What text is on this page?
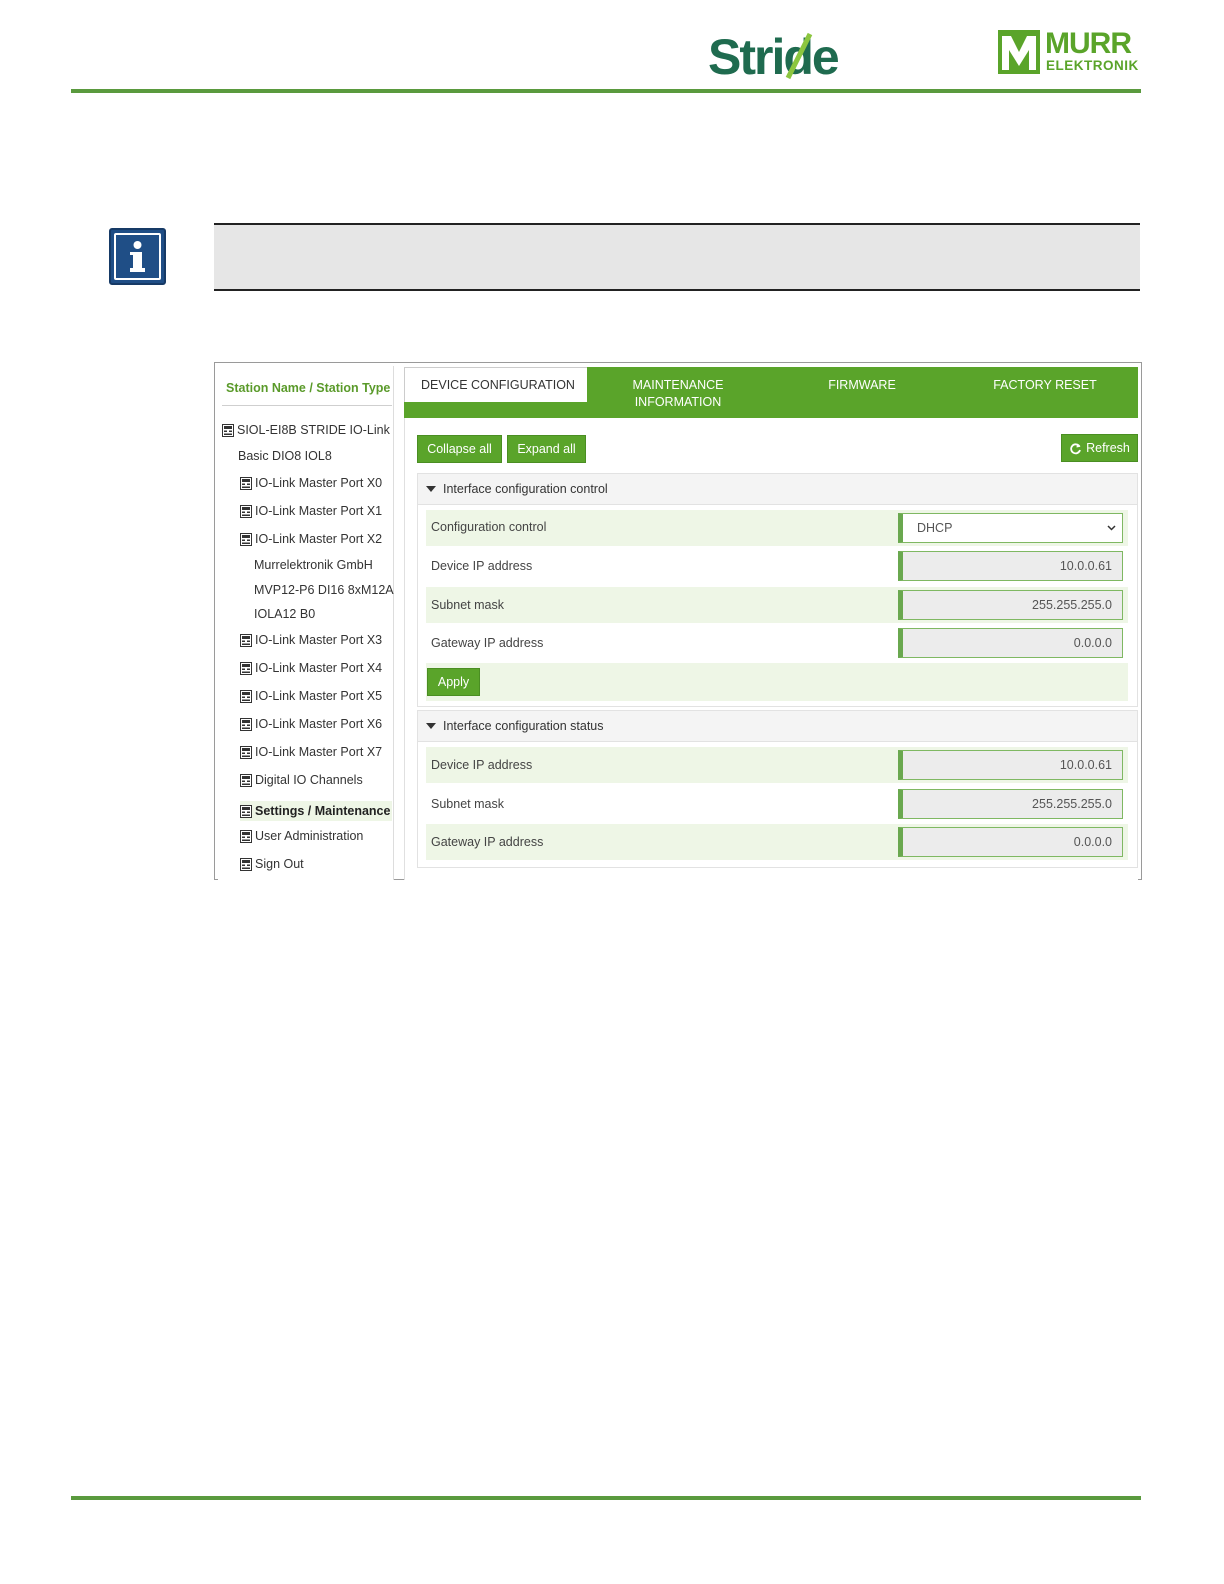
Stride	MURR
ELEKTRONIK
Station Name / Station Type
SIOL-EI8B STRIDE IO-Link
Basic DIO8 IOL8
IO-Link Master Port X0
IO-Link Master Port X1
IO-Link Master Port X2
Murrelektronik GmbH
MVP12-P6 DI16 8xM12A
IOLA12 B0
IO-Link Master Port X3
IO-Link Master Port X4
IO-Link Master Port X5
IO-Link Master Port X6
IO-Link Master Port X7
Digital IO Channels
Settings / Maintenance
User Administration
Sign Out
DEVICE CONFIGURATION	MAINTENANCE
INFORMATION
FIRMWARE	FACTORY RESET
Collapse all	Expand all	Refresh
Interface configuration control
Configuration control	DHCP
Device IP address	10.0.0.61
Subnet mask	255.255.255.0
Gateway IP address	0.0.0.0
Apply
Interface configuration status
Device IP address	10.0.0.61
Subnet mask	255.255.255.0
Gateway IP address	0.0.0.0
